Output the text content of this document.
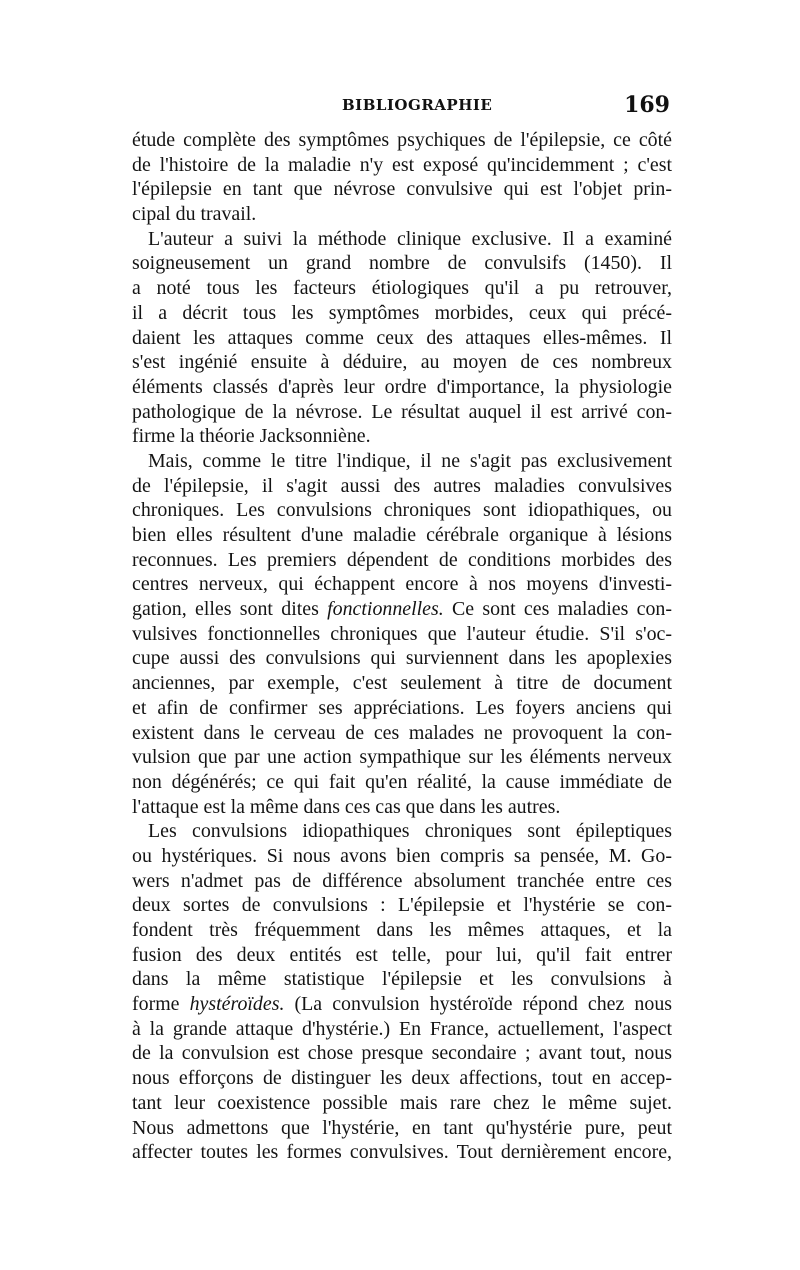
BIBLIOGRAPHIE	169
étude complète des symptômes psychiques de l'épilepsie, ce côté
de l'histoire de la maladie n'y est exposé qu'incidemment ; c'est
l'épilepsie en tant que névrose convulsive qui est l'objet prin-
cipal du travail.
L'auteur a suivi la méthode clinique exclusive. Il a examiné
soigneusement un grand nombre de convulsifs (1450). Il
a noté tous les facteurs étiologiques qu'il a pu retrouver,
il a décrit tous les symptômes morbides, ceux qui précé-
daient les attaques comme ceux des attaques elles-mêmes. Il
s'est ingénié ensuite à déduire, au moyen de ces nombreux
éléments classés d'après leur ordre d'importance, la physiologie
pathologique de la névrose. Le résultat auquel il est arrivé con-
firme la théorie Jacksonniène.
Mais, comme le titre l'indique, il ne s'agit pas exclusivement
de l'épilepsie, il s'agit aussi des autres maladies convulsives
chroniques. Les convulsions chroniques sont idiopathiques, ou
bien elles résultent d'une maladie cérébrale organique à lésions
reconnues. Les premiers dépendent de conditions morbides des
centres nerveux, qui échappent encore à nos moyens d'investi-
gation, elles sont dites fonctionnelles. Ce sont ces maladies con-
vulsives fonctionnelles chroniques que l'auteur étudie. S'il s'oc-
cupe aussi des convulsions qui surviennent dans les apoplexies
anciennes, par exemple, c'est seulement à titre de document
et afin de confirmer ses appréciations. Les foyers anciens qui
existent dans le cerveau de ces malades ne provoquent la con-
vulsion que par une action sympathique sur les éléments nerveux
non dégénérés; ce qui fait qu'en réalité, la cause immédiate de
l'attaque est la même dans ces cas que dans les autres.
Les convulsions idiopathiques chroniques sont épileptiques
ou hystériques. Si nous avons bien compris sa pensée, M. Go-
wers n'admet pas de différence absolument tranchée entre ces
deux sortes de convulsions : L'épilepsie et l'hystérie se con-
fondent très fréquemment dans les mêmes attaques, et la
fusion des deux entités est telle, pour lui, qu'il fait entrer
dans la même statistique l'épilepsie et les convulsions à
forme hystéroïdes. (La convulsion hystéroïde répond chez nous
à la grande attaque d'hystérie.) En France, actuellement, l'aspect
de la convulsion est chose presque secondaire ; avant tout, nous
nous efforçons de distinguer les deux affections, tout en accep-
tant leur coexistence possible mais rare chez le même sujet.
Nous admettons que l'hystérie, en tant qu'hystérie pure, peut
affecter toutes les formes convulsives. Tout dernièrement encore,
